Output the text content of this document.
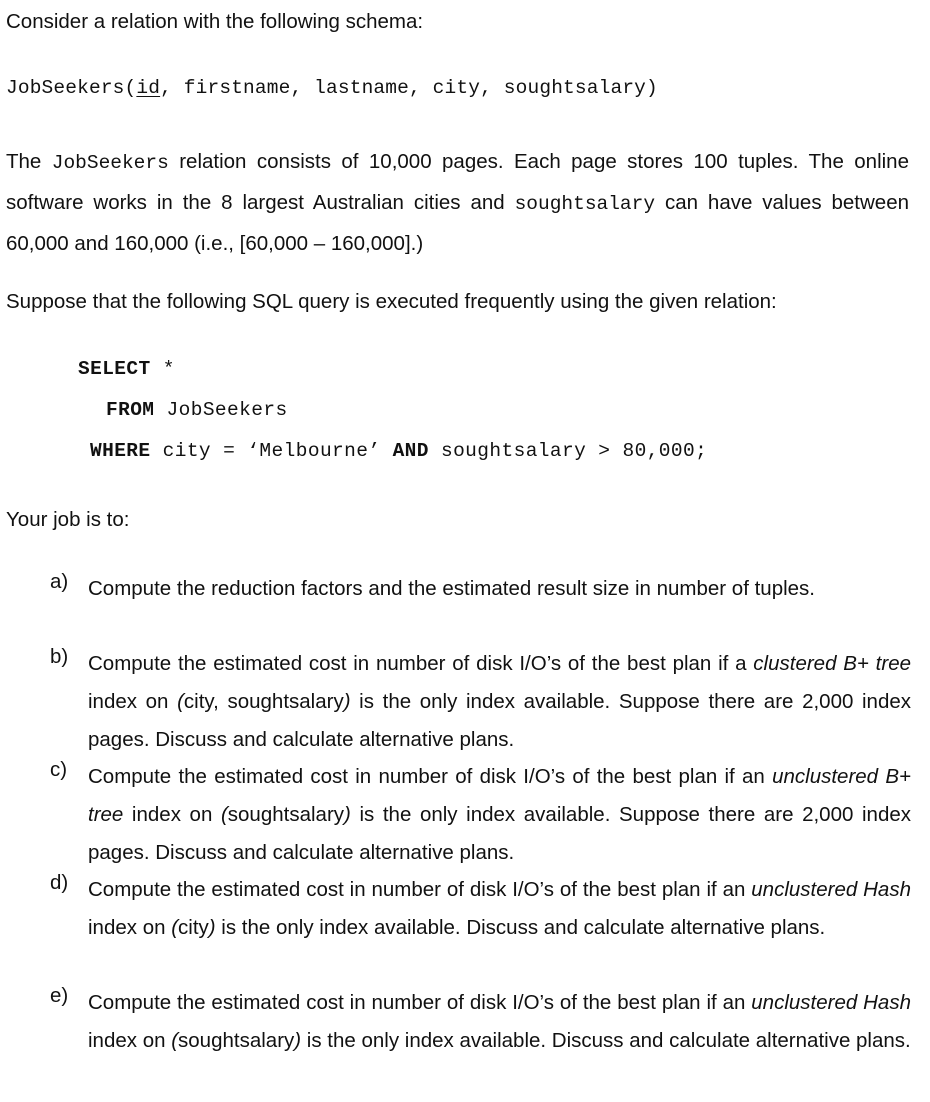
Consider a relation with the following schema:
JobSeekers(id, firstname, lastname, city, soughtsalary)
The JobSeekers relation consists of 10,000 pages. Each page stores 100 tuples. The online software works in the 8 largest Australian cities and soughtsalary can have values between 60,000 and 160,000 (i.e., [60,000 – 160,000].)
Suppose that the following SQL query is executed frequently using the given relation:
SELECT *
FROM JobSeekers
WHERE city = ‘Melbourne’ AND soughtsalary > 80,000;
Your job is to:
a) Compute the reduction factors and the estimated result size in number of tuples.
b) Compute the estimated cost in number of disk I/O’s of the best plan if a clustered B+ tree index on (city, soughtsalary) is the only index available. Suppose there are 2,000 index pages. Discuss and calculate alternative plans.
c) Compute the estimated cost in number of disk I/O’s of the best plan if an unclustered B+ tree index on (soughtsalary) is the only index available. Suppose there are 2,000 index pages. Discuss and calculate alternative plans.
d) Compute the estimated cost in number of disk I/O’s of the best plan if an unclustered Hash index on (city) is the only index available. Discuss and calculate alternative plans.
e) Compute the estimated cost in number of disk I/O’s of the best plan if an unclustered Hash index on (soughtsalary) is the only index available. Discuss and calculate alternative plans.
